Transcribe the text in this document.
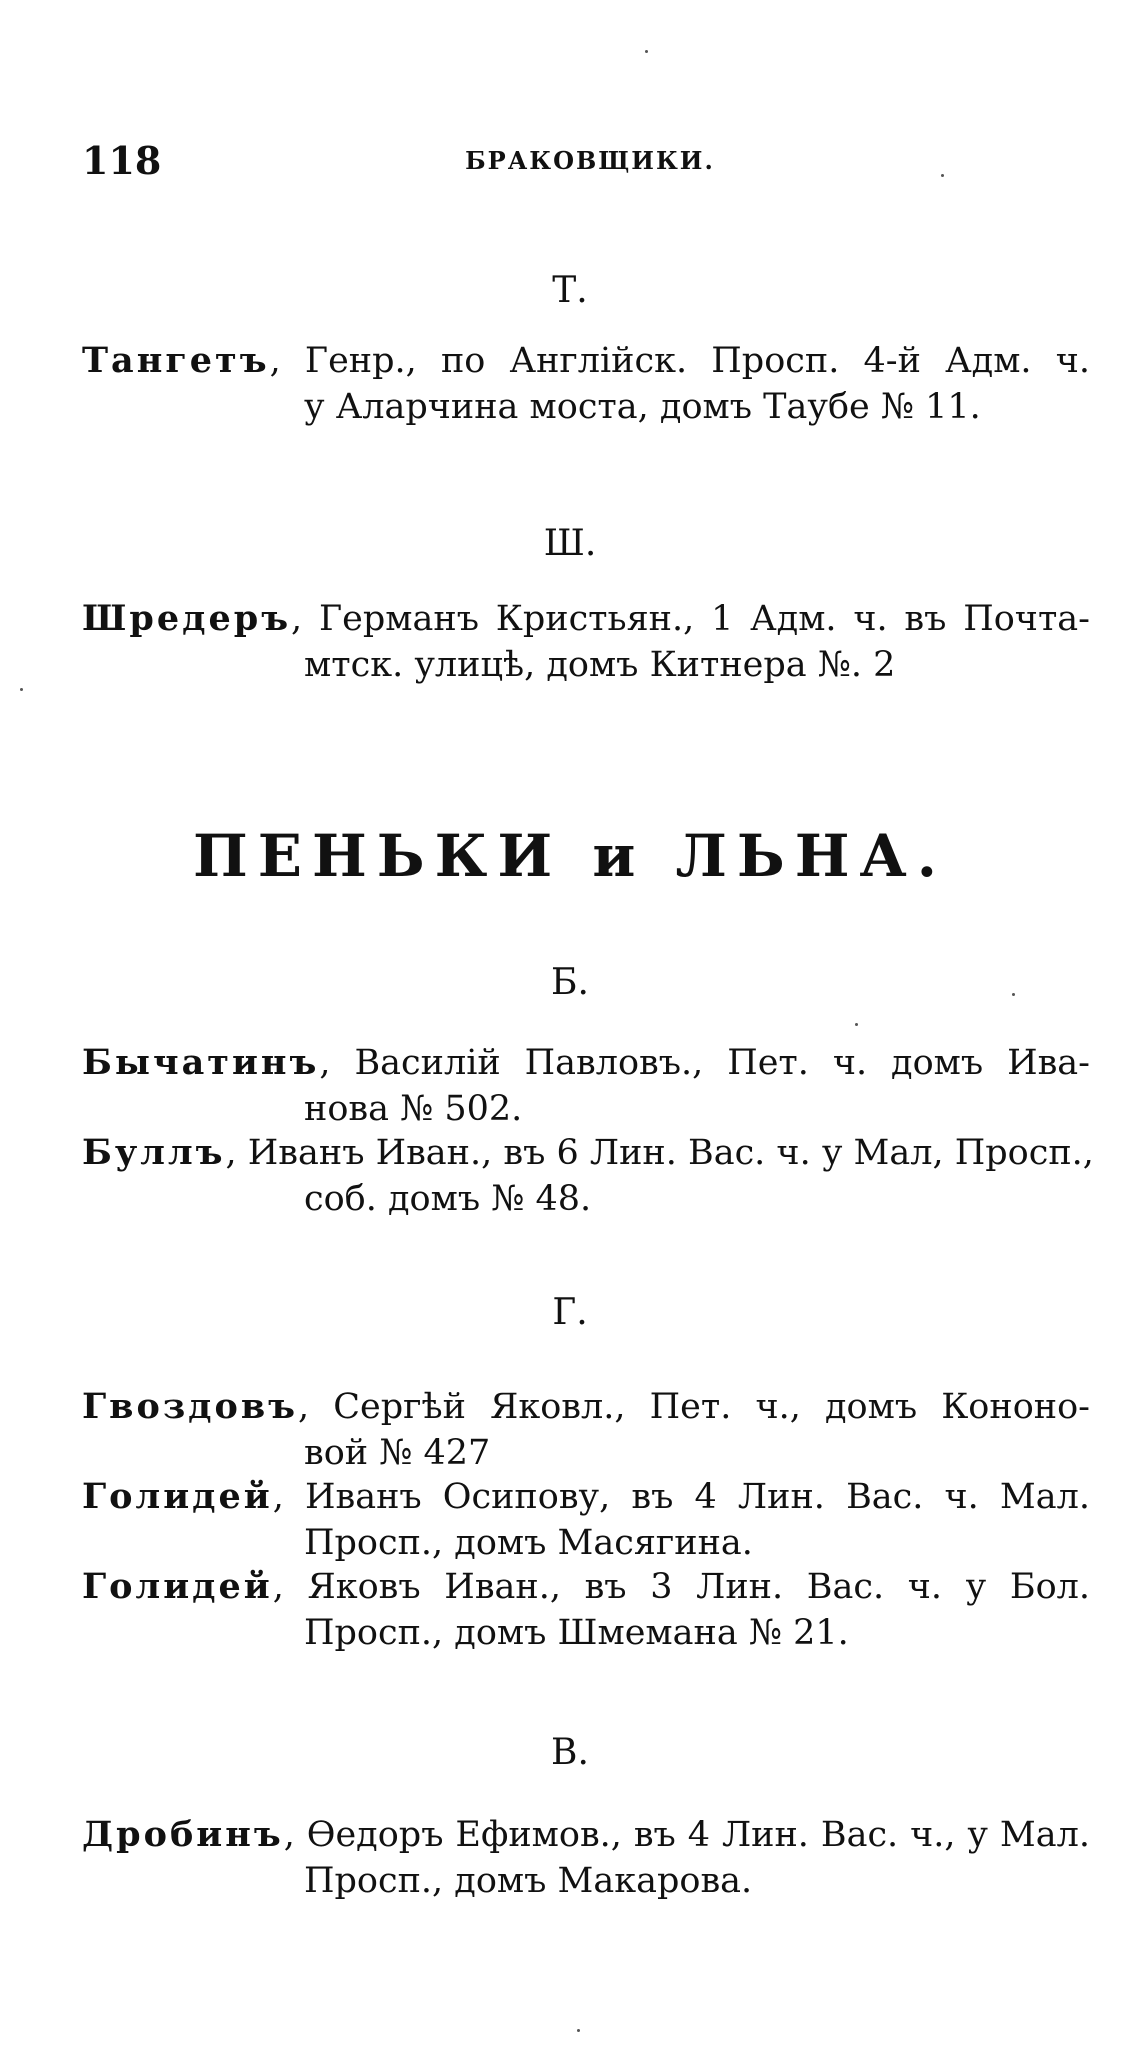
118	БРАКОВЩИКИ.
Т.
Тангетъ, Генр., по Англійск. Просп. 4-й Адм. ч.
у Аларчина моста, домъ Таубе № 11.
Ш.
Шредеръ, Германъ Кристьян., 1 Адм. ч. въ Почта-
мтск. улицѣ, домъ Китнера №. 2
ПЕНЬКИ и ЛЬНА.
Б.
Бычатинъ, Василій Павловъ., Пет. ч. домъ Ива-
нова № 502.
Буллъ, Иванъ Иван., въ 6 Лин. Вас. ч. у Мал, Просп.,
соб. домъ № 48.
Г.
Гвоздовъ, Сергѣй Яковл., Пет. ч., домъ Кононо-
вой № 427
Голидей, Иванъ Осипову, въ 4 Лин. Вас. ч. Мал.
Просп., домъ Масягина.
Голидей, Яковъ Иван., въ 3 Лин. Вас. ч. у Бол.
Просп., домъ Шмемана № 21.
В.
Дробинъ, Өедоръ Ефимов., въ 4 Лин. Вас. ч., у Мал.
Просп., домъ Макарова.
